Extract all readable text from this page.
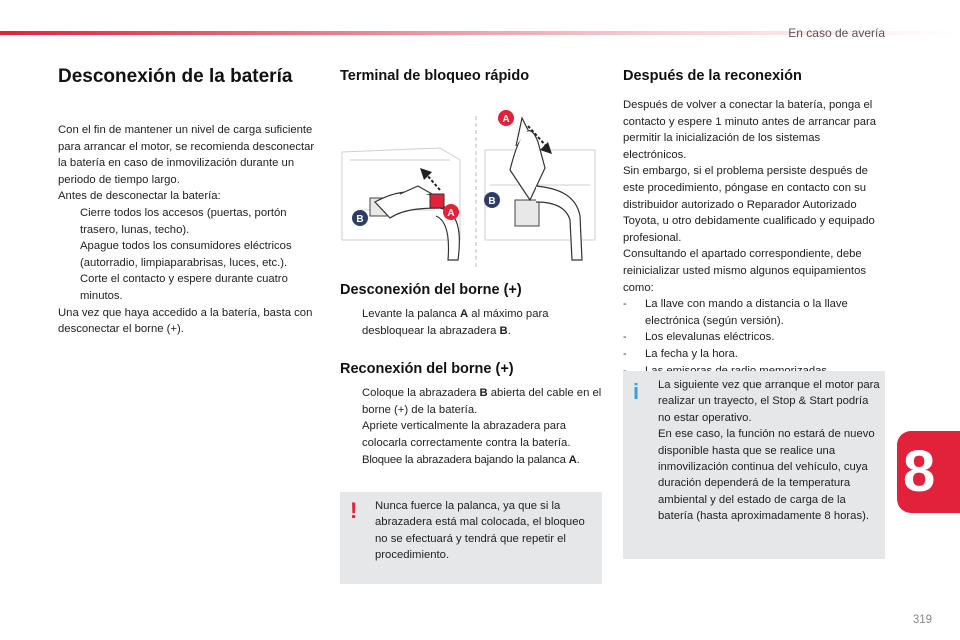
En caso de avería
Desconexión de la batería
Con el fin de mantener un nivel de carga suficiente para arrancar el motor, se recomienda desconectar la batería en caso de inmovilización durante un periodo de tiempo largo.
Antes de desconectar la batería:
Cierre todos los accesos (puertas, portón trasero, lunas, techo).
Apague todos los consumidores eléctricos (autorradio, limpiaparabrisas, luces, etc.).
Corte el contacto y espere durante cuatro minutos.
Una vez que haya accedido a la batería, basta con desconectar el borne (+).
Terminal de bloqueo rápido
A
B
A
B
Desconexión del borne (+)
Levante la palanca A al máximo para desbloquear la abrazadera B.
Reconexión del borne (+)
Coloque la abrazadera B abierta del cable en el borne (+) de la batería.
Apriete verticalmente la abrazadera para colocarla correctamente contra la batería.
Bloquee la abrazadera bajando la palanca A.
! Nunca fuerce la palanca, ya que si la abrazadera está mal colocada, el bloqueo no se efectuará y tendrá que repetir el procedimiento.
Después de la reconexión
Después de volver a conectar la batería, ponga el contacto y espere 1 minuto antes de arrancar para permitir la inicialización de los sistemas electrónicos.
Sin embargo, si el problema persiste después de este procedimiento, póngase en contacto con su distribuidor autorizado o Reparador Autorizado Toyota, u otro debidamente cualificado y equipado profesional.
Consultando el apartado correspondiente, debe reinicializar usted mismo algunos equipamientos como:
- La llave con mando a distancia o la llave electrónica (según versión).
- Los elevalunas eléctricos.
- La fecha y la hora.
i La siguiente vez que arranque el motor para realizar un trayecto, el Stop & Start podría no estar operativo.
En ese caso, la función no estará de nuevo disponible hasta que se realice una inmovilización continua del vehículo, cuya duración dependerá de la temperatura ambiental y del estado de carga de la batería (hasta aproximadamente 8 horas).
8
319
